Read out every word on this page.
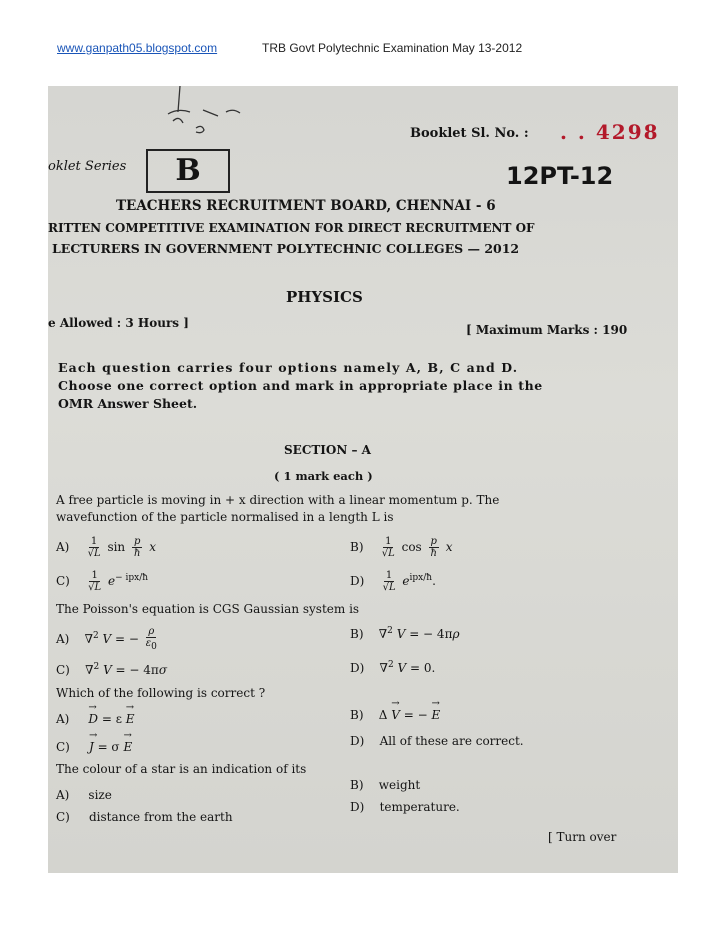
www.ganpath05.blogspot.com	TRB Govt Polytechnic Examination May 13-2012
Booklet Sl. No. : . . 4298
oklet Series	B	12PT-12
TEACHERS RECRUITMENT BOARD, CHENNAI - 6
RITTEN COMPETITIVE EXAMINATION FOR DIRECT RECRUITMENT OF
LECTURERS IN GOVERNMENT POLYTECHNIC COLLEGES — 2012
PHYSICS
e Allowed : 3 Hours ]	[ Maximum Marks : 190
Each question carries four options namely A, B, C and D.
Choose one correct option and mark in appropriate place in the
OMR Answer Sheet.
SECTION – A
( 1 mark each )
A free particle is moving in + x direction with a linear momentum p. The
wavefunction of the particle normalised in a length L is
$A) \frac{1}{√L}$ $\sin \frac{p}{ħ}$ x	$B) \frac{1}{√L}$ $\cos \frac{p}{ħ}$ x
$C) \frac{1}{√L} e^{- ipx/ħ}$	$D) \frac{1}{√L} e^{ipx/ħ}$.
The Poisson's equation is CGS Gaussian system is
A)    ∇$^2$ V = − $\frac{\rho}{\varepsilon 0}$	B)    ∇$^2$ V = − 4πρ
C)    ∇$^2$ V = − 4πσ	D)    ∇$^2$ V = 0.
Which of the following is correct ?
A)     → D = ε → E	B)    Δ → V = − → E
C)     → J = σ → E	D)    All of these are correct.
The colour of a star is an indication of its
A)     size
B)    weight
C)     distance from the earth
D)    temperature.
[ Turn over
